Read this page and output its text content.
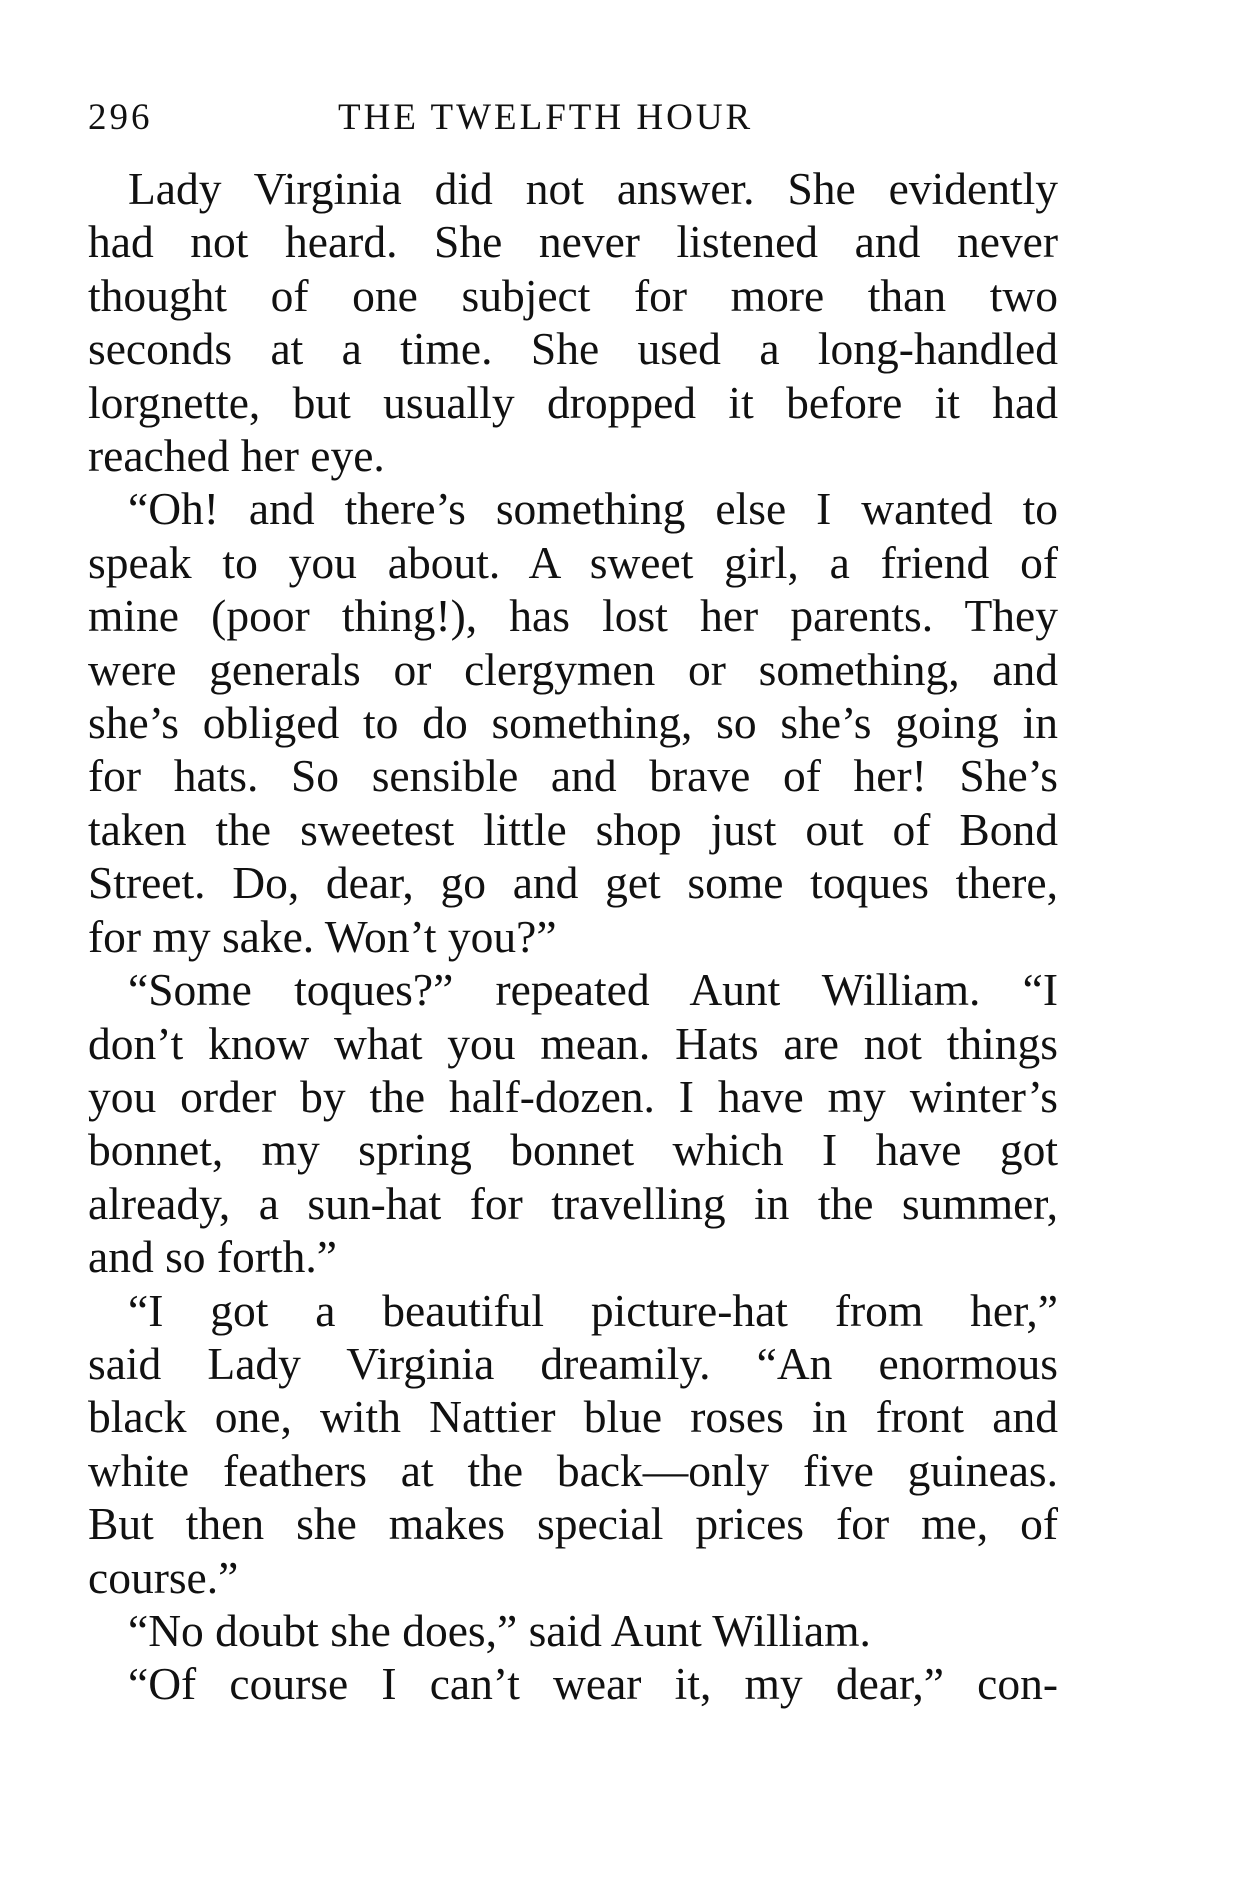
296	THE TWELFTH HOUR

Lady Virginia did not answer. She evidently
had not heard. She never listened and never
thought of one subject for more than two
seconds at a time. She used a long-handled
lorgnette, but usually dropped it before it had
reached her eye.

“Oh! and there’s something else I wanted to
speak to you about. A sweet girl, a friend of
mine (poor thing!), has lost her parents. They
were generals or clergymen or something, and
she’s obliged to do something, so she’s going in
for hats. So sensible and brave of her! She’s
taken the sweetest little shop just out of Bond
Street. Do, dear, go and get some toques there,
for my sake. Won’t you?”

“Some toques?” repeated Aunt William. “I
don’t know what you mean. Hats are not things
you order by the half-dozen. I have my winter’s
bonnet, my spring bonnet which I have got
already, a sun-hat for travelling in the summer,
and so forth.”

“I got a beautiful picture-hat from her,”
said Lady Virginia dreamily. “An enormous
black one, with Nattier blue roses in front and
white feathers at the back—only five guineas.
But then she makes special prices for me, of
course.”

“No doubt she does,” said Aunt William.

“Of course I can’t wear it, my dear,” con-
